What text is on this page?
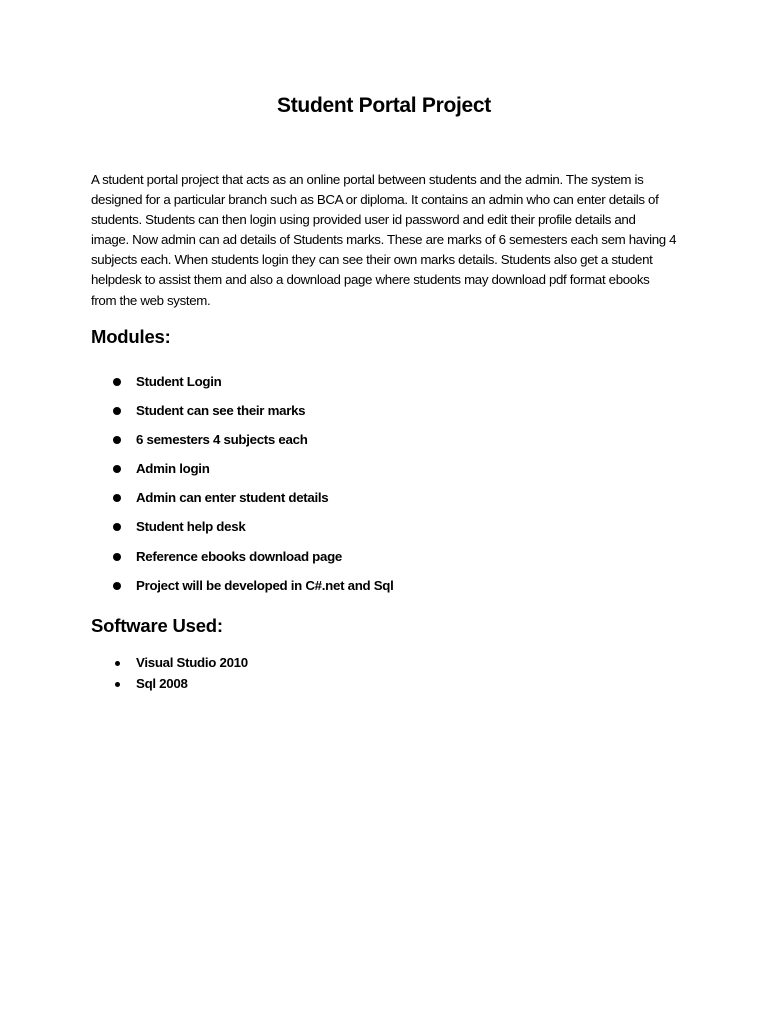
Student Portal Project
A student portal project that acts as an online portal between students and the admin. The system is
designed for a particular branch such as BCA or diploma. It contains an admin who can enter details of
students. Students can then login using provided user id password and edit their profile details and
image. Now admin can ad details of Students marks. These are marks of 6 semesters each sem having 4
subjects each. When students login they can see their own marks details. Students also get a student
helpdesk to assist them and also a download page where students may download pdf format ebooks
from the web system.
Modules:
Student Login
Student can see their marks
6 semesters 4 subjects each
Admin login
Admin can enter student details
Student help desk
Reference ebooks download page
Project will be developed in C#.net and Sql
Software Used:
Visual Studio 2010
Sql 2008
